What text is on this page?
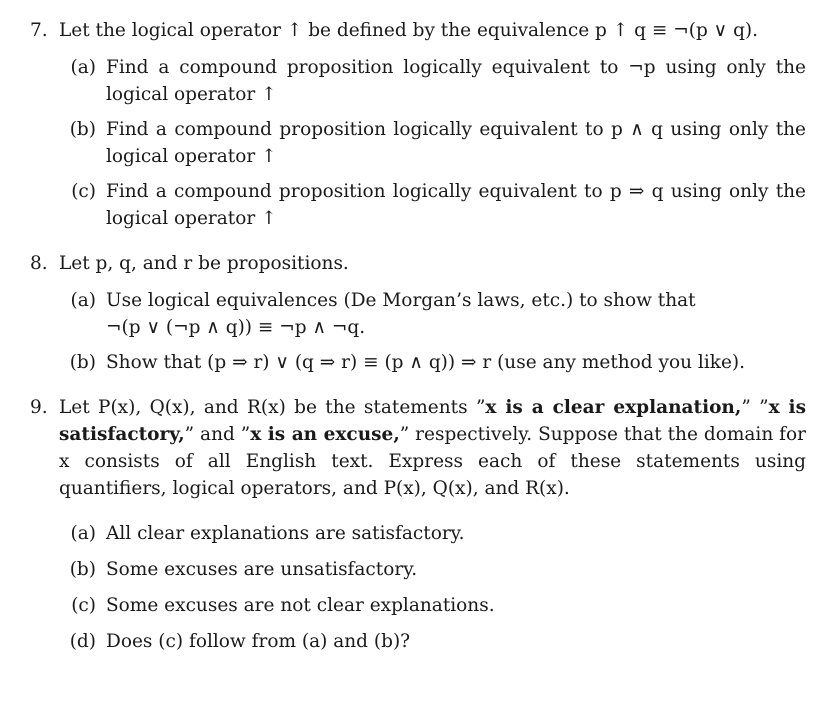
7. Let the logical operator ↑ be defined by the equivalence p ↑ q ≡ ¬(p ∨ q).
(a) Find a compound proposition logically equivalent to ¬p using only the logical operator ↑
(b) Find a compound proposition logically equivalent to p ∧ q using only the logical operator ↑
(c) Find a compound proposition logically equivalent to p ⇒ q using only the logical operator ↑
8. Let p, q, and r be propositions.
(a) Use logical equivalences (De Morgan’s laws, etc.) to show that
¬(p ∨ (¬p ∧ q)) ≡ ¬p ∧ ¬q.
(b) Show that (p ⇒ r) ∨ (q ⇒ r) ≡ (p ∧ q)) ⇒ r (use any method you like).
9. Let P(x), Q(x), and R(x) be the statements ”x is a clear explanation,” ”x is satisfactory,” and ”x is an excuse,” respectively. Suppose that the domain for x consists of all English text. Express each of these statements using quantifiers, logical operators, and P(x), Q(x), and R(x).
(a) All clear explanations are satisfactory.
(b) Some excuses are unsatisfactory.
(c) Some excuses are not clear explanations.
(d) Does (c) follow from (a) and (b)?
